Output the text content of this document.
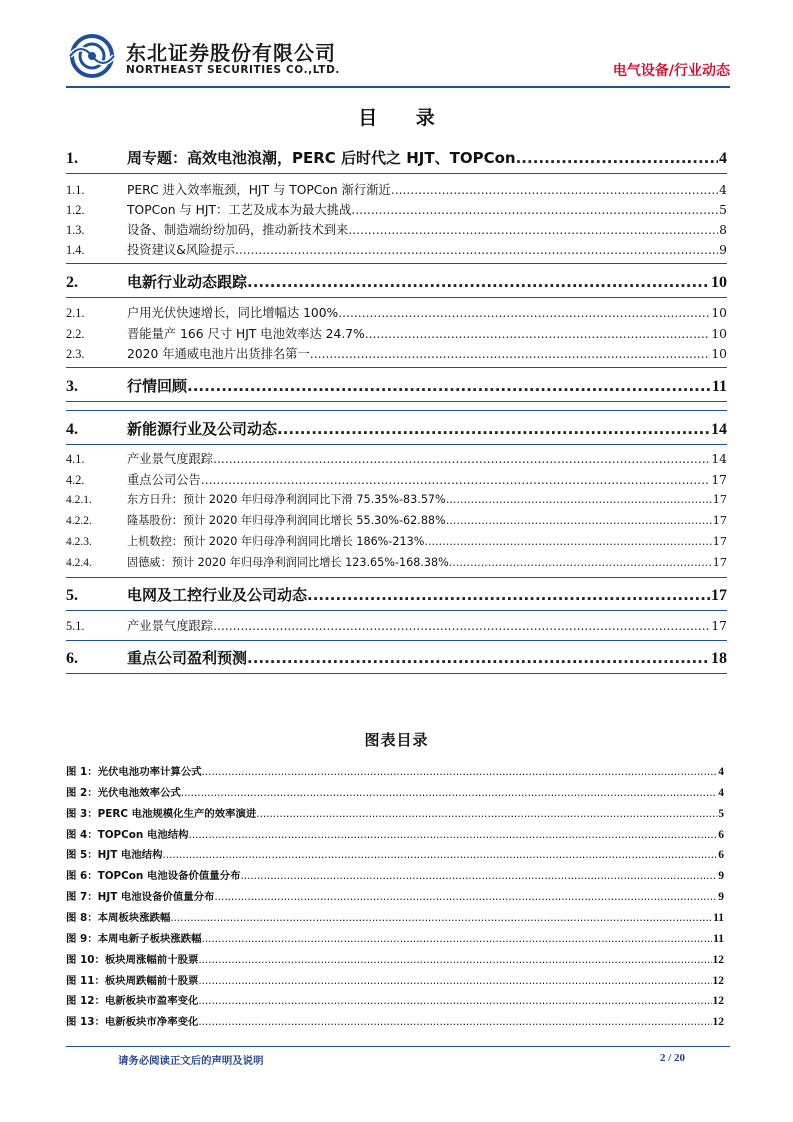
东北证券股份有限公司
NORTHEAST SECURITIES CO.,LTD.	电气设备/行业动态
目 录
1.	周专题：高效电池浪潮，PERC 后时代之 HJT、TOPCon .....	4
1.1.	PERC 进入效率瓶颈，HJT 与 TOPCon 渐行渐近 .....	4
1.2.	TOPCon 与 HJT：工艺及成本为最大挑战 .....	5
1.3.	设备、制造端纷纷加码，推动新技术到来 .....	8
1.4.	投资建议&风险提示 .....	9
2.	电新行业动态跟踪 .....	10
2.1.	户用光伏快速增长，同比增幅达 100% .....	10
2.2.	晋能量产 166 尺寸 HJT 电池效率达 24.7% .....	10
2.3.	2020 年通威电池片出货排名第一 .....	10
3.	行情回顾 .....	11
4.	新能源行业及公司动态 .....	14
4.1.	产业景气度跟踪 .....	14
4.2.	重点公司公告 .....	17
4.2.1.	东方日升：预计 2020 年归母净利润同比下滑 75.35%-83.57% .....	17
4.2.2.	隆基股份：预计 2020 年归母净利润同比增长 55.30%-62.88% .....	17
4.2.3.	上机数控：预计 2020 年归母净利润同比增长 186%-213% .....	17
4.2.4.	固德威：预计 2020 年归母净利润同比增长 123.65%-168.38% .....	17
5.	电网及工控行业及公司动态 .....	17
5.1.	产业景气度跟踪 .....	17
6.	重点公司盈利预测 .....	18
图表目录
图 1：光伏电池功率计算公式 .....	4
图 2：光伏电池效率公式 .....	4
图 3：PERC 电池规模化生产的效率演进 .....	5
图 4：TOPCon 电池结构 .....	6
图 5：HJT 电池结构 .....	6
图 6：TOPCon 电池设备价值量分布 .....	9
图 7：HJT 电池设备价值量分布 .....	9
图 8：本周板块涨跌幅 .....	11
图 9：本周电新子板块涨跌幅 .....	11
图 10：板块周涨幅前十股票 .....	12
图 11：板块周跌幅前十股票 .....	12
图 12：电新板块市盈率变化 .....	12
图 13：电新板块市净率变化 .....	12
请务必阅读正文后的声明及说明	2 / 20
